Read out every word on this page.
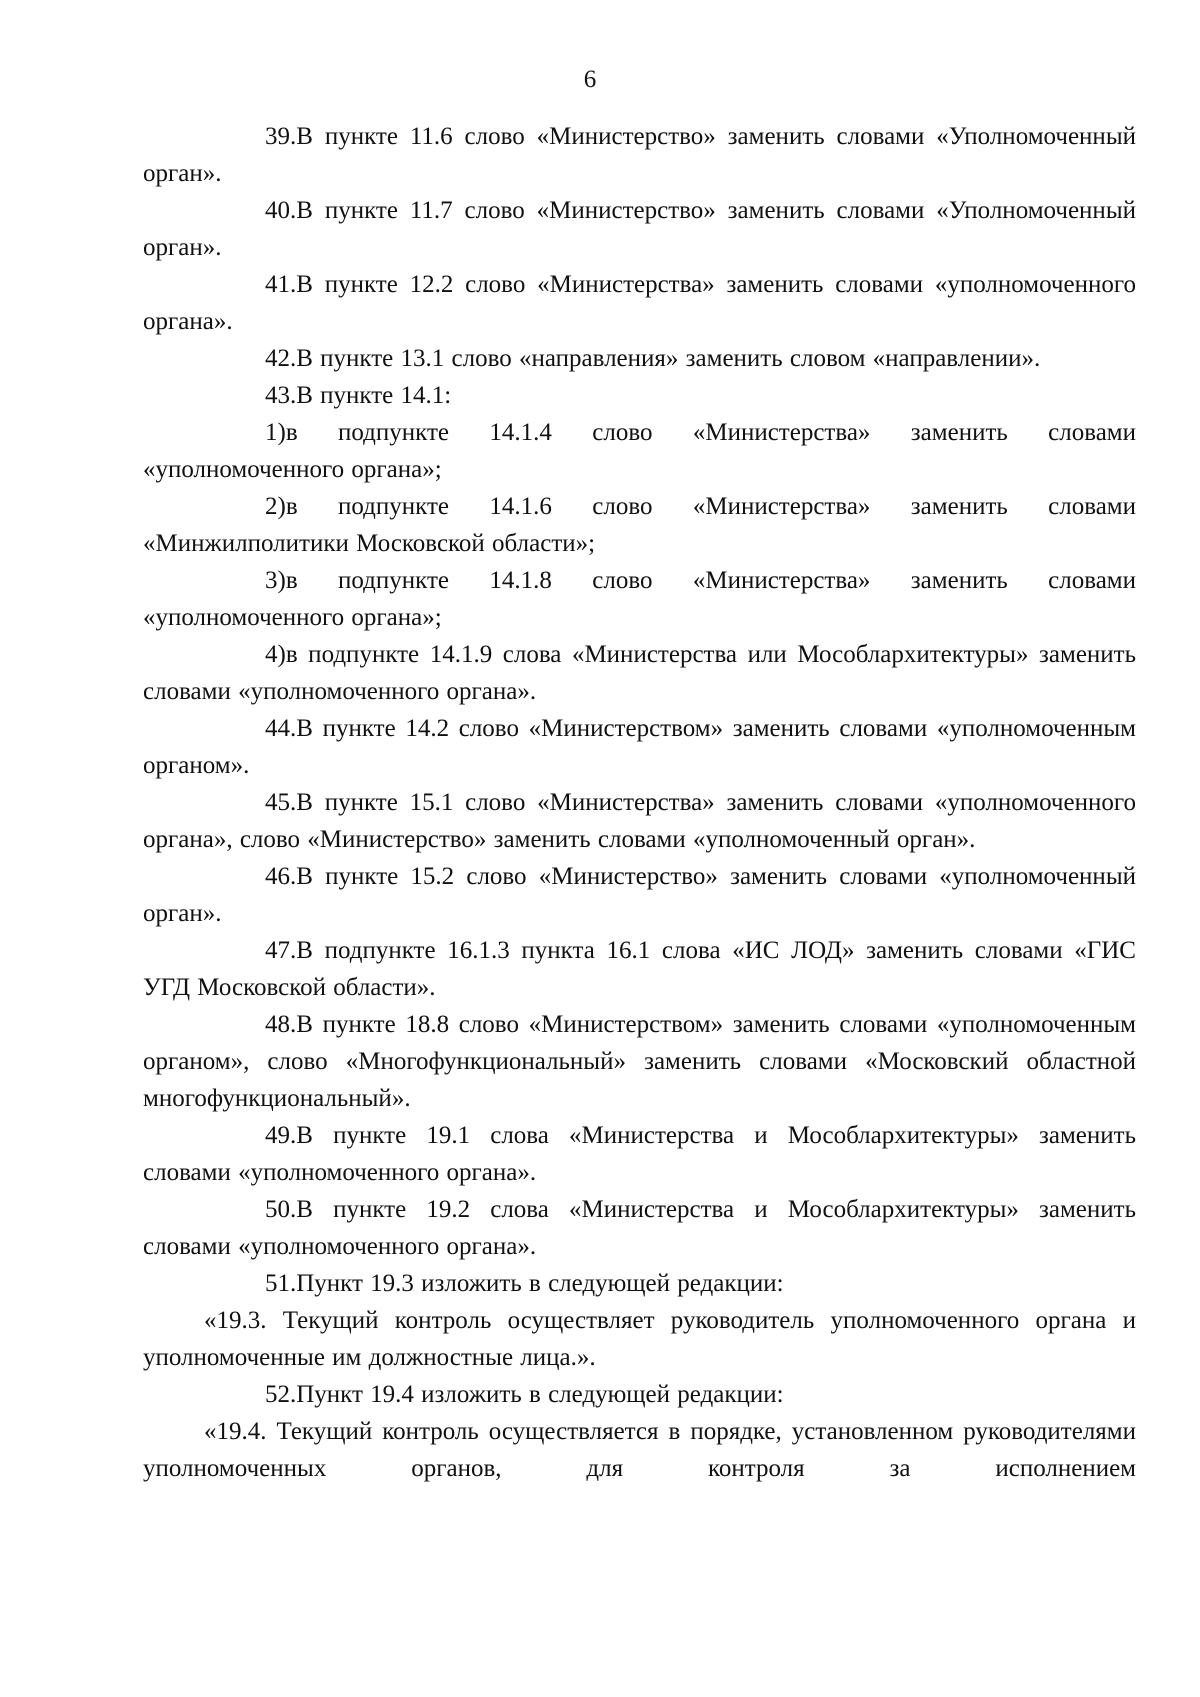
6

39.В пункте 11.6 слово «Министерство» заменить словами «Уполномоченный орган».

40.В пункте 11.7 слово «Министерство» заменить словами «Уполномоченный орган».

41.В пункте 12.2 слово «Министерства» заменить словами «уполномоченного органа».

42.В пункте 13.1 слово «направления» заменить словом «направлении».

43.В пункте 14.1:

1)в подпункте 14.1.4 слово «Министерства» заменить словами «уполномоченного органа»;

2)в подпункте 14.1.6 слово «Министерства» заменить словами «Минжилполитики Московской области»;

3)в подпункте 14.1.8 слово «Министерства» заменить словами «уполномоченного органа»;

4)в подпункте 14.1.9 слова «Министерства или Мособлархитектуры» заменить словами «уполномоченного органа».

44.В пункте 14.2 слово «Министерством» заменить словами «уполномоченным органом».

45.В пункте 15.1 слово «Министерства» заменить словами «уполномоченного органа», слово «Министерство» заменить словами «уполномоченный орган».

46.В пункте 15.2 слово «Министерство» заменить словами «уполномоченный орган».

47.В подпункте 16.1.3 пункта 16.1 слова «ИС ЛОД» заменить словами «ГИС УГД Московской области».

48.В пункте 18.8 слово «Министерством» заменить словами «уполномоченным органом», слово «Многофункциональный» заменить словами «Московский областной многофункциональный».

49.В пункте 19.1 слова «Министерства и Мособлархитектуры» заменить словами «уполномоченного органа».

50.В пункте 19.2 слова «Министерства и Мособлархитектуры» заменить словами «уполномоченного органа».

51.Пункт 19.3 изложить в следующей редакции:

«19.3. Текущий контроль осуществляет руководитель уполномоченного органа и уполномоченные им должностные лица.».

52.Пункт 19.4 изложить в следующей редакции:

«19.4. Текущий контроль осуществляется в порядке, установленном руководителями уполномоченных органов, для контроля за исполнением
